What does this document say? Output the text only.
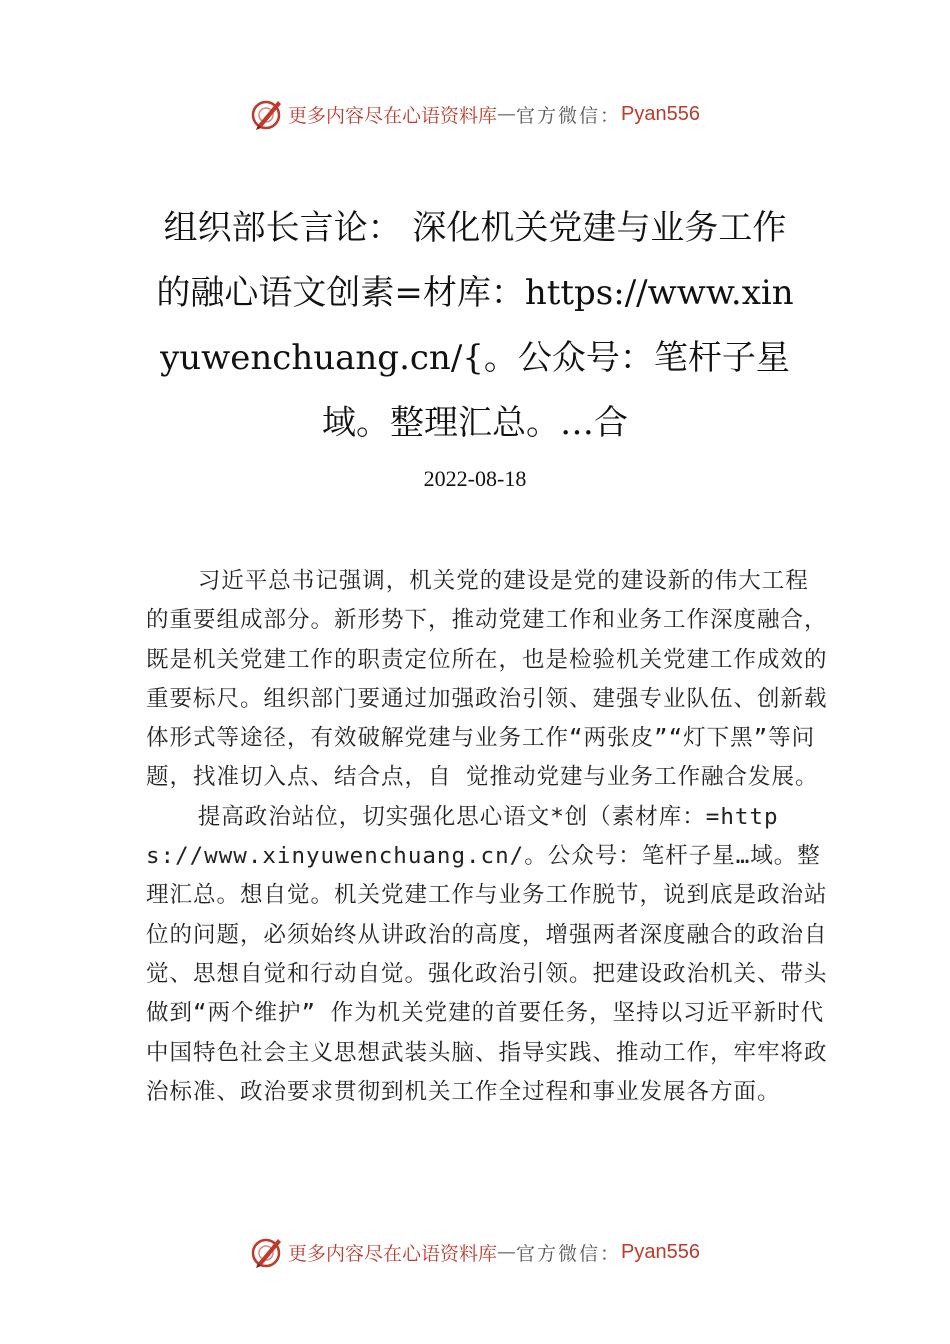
更多内容尽在心语资料库 — 官方微信： Pyan556
组织部长言论： 深化机关党建与业务工作的融心语文创素=材库：https://www.xinyuwenchuang.cn/{。公众号：笔杆子星域。整理汇总。…合
2022-08-18

习近平总书记强调，机关党的建设是党的建设新的伟大工程的重要组成部分。新形势下，推动党建工作和业务工作深度融合，既是机关党建工作的职责定位所在，也是检验机关党建工作成效的重要标尺。组织部门要通过加强政治引领、建强专业队伍、创新载体形式等途径，有效破解党建与业务工作“两张皮”“灯下黑”等问题，找准切入点、结合点，自 觉推动党建与业务工作融合发展。

提高政治站位，切实强化思心语文*创（素材库：=https://www.xinyuwenchuang.cn/。公众号：笔杆子星…域。整理汇总。想自觉。机关党建工作与业务工作脱节，说到底是政治站位的问题，必须始终从讲政治的高度，增强两者深度融合的政治自觉、思想自觉和行动自觉。强化政治引领。把建设政治机关、带头做到“两个维护” 作为机关党建的首要任务，坚持以习近平新时代中国特色社会主义思想武装头脑、指导实践、推动工作，牢牢将政治标准、政治要求贯彻到机关工作全过程和事业发展各方面。

更多内容尽在心语资料库 — 官方微信： Pyan556
